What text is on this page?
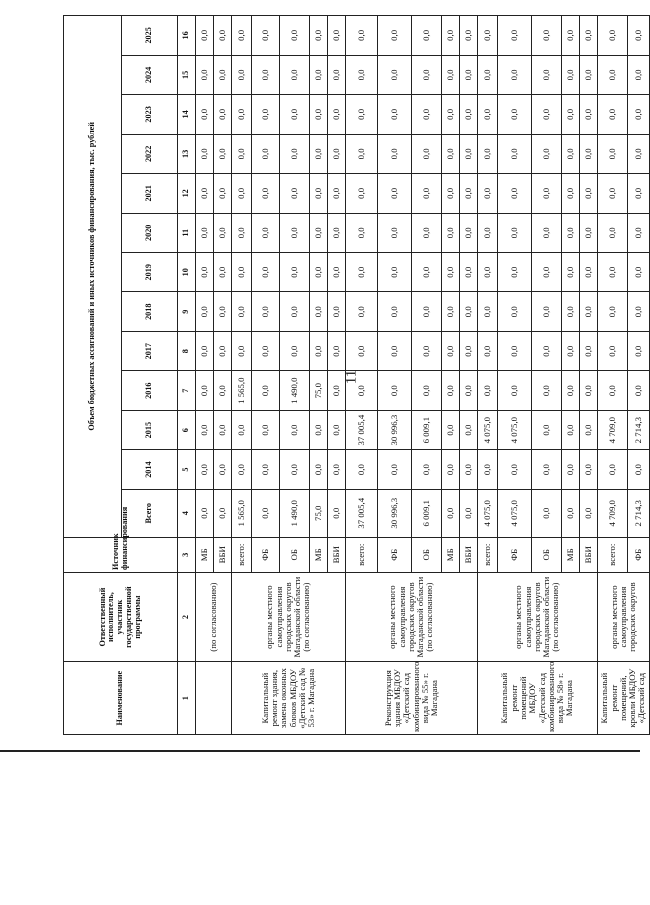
11
Наименование	Ответственный исполнитель, участник государственной программы	Источник финансирования	Объем бюджетных ассигнований и иных источников финансирования, тыс. рублей												
			Всего	2014	2015	2016	2017	2018	2019	2020	2021	2022	2023	2024	2025
1	2	3	4	5	6	7	8	9	10	11	12	13	14	15	16
	(по согласованию)	МБ	0,0	0,0	0,0	0,0	0,0	0,0	0,0	0,0	0,0	0,0	0,0	0,0	0,0
		ВБИ	0,0	0,0	0,0	0,0	0,0	0,0	0,0	0,0	0,0	0,0	0,0	0,0	0,0
Капитальный ремонт здания, замена оконных блоков МБДОУ «Детский сад № 53» г. Магадана	органы местного самоуправления городских округов Магаданской области (по согласованию)	всего:	1 565,0	0,0	0,0	1 565,0	0,0	0,0	0,0	0,0	0,0	0,0	0,0	0,0	0,0
		ФБ	0,0	0,0	0,0	0,0	0,0	0,0	0,0	0,0	0,0	0,0	0,0	0,0	0,0
		ОБ	1 490,0	0,0	0,0	1 490,0	0,0	0,0	0,0	0,0	0,0	0,0	0,0	0,0	0,0
		МБ	75,0	0,0	0,0	75,0	0,0	0,0	0,0	0,0	0,0	0,0	0,0	0,0	0,0
		ВБИ	0,0	0,0	0,0	0,0	0,0	0,0	0,0	0,0	0,0	0,0	0,0	0,0	0,0
Реконструкция здания МБДОУ «Детский сад комбинированного вида № 55» г. Магадана	органы местного самоуправления городских округов Магаданской области (по согласованию)	всего:	37 005,4	0,0	37 005,4	0,0	0,0	0,0	0,0	0,0	0,0	0,0	0,0	0,0	0,0
		ФБ	30 996,3	0,0	30 996,3	0,0	0,0	0,0	0,0	0,0	0,0	0,0	0,0	0,0	0,0
		ОБ	6 009,1	0,0	6 009,1	0,0	0,0	0,0	0,0	0,0	0,0	0,0	0,0	0,0	0,0
		МБ	0,0	0,0	0,0	0,0	0,0	0,0	0,0	0,0	0,0	0,0	0,0	0,0	0,0
		ВБИ	0,0	0,0	0,0	0,0	0,0	0,0	0,0	0,0	0,0	0,0	0,0	0,0	0,0
Капитальный ремонт помещений МБДОУ «Детский сад комбинированного вида № 58» г. Магадана	органы местного самоуправления городских округов Магаданской области (по согласованию)	всего:	4 075,0	0,0	4 075,0	0,0	0,0	0,0	0,0	0,0	0,0	0,0	0,0	0,0	0,0
		ФБ	4 075,0	0,0	4 075,0	0,0	0,0	0,0	0,0	0,0	0,0	0,0	0,0	0,0	0,0
		ОБ	0,0	0,0	0,0	0,0	0,0	0,0	0,0	0,0	0,0	0,0	0,0	0,0	0,0
		МБ	0,0	0,0	0,0	0,0	0,0	0,0	0,0	0,0	0,0	0,0	0,0	0,0	0,0
		ВБИ	0,0	0,0	0,0	0,0	0,0	0,0	0,0	0,0	0,0	0,0	0,0	0,0	0,0
Капитальный ремонт помещений, кровли МБДОУ «Детский сад	органы местного самоуправления городских округов	всего:	4 709,0	0,0	4 709,0	0,0	0,0	0,0	0,0	0,0	0,0	0,0	0,0	0,0	0,0
		ФБ	2 714,3	0,0	2 714,3	0,0	0,0	0,0	0,0	0,0	0,0	0,0	0,0	0,0	0,0
